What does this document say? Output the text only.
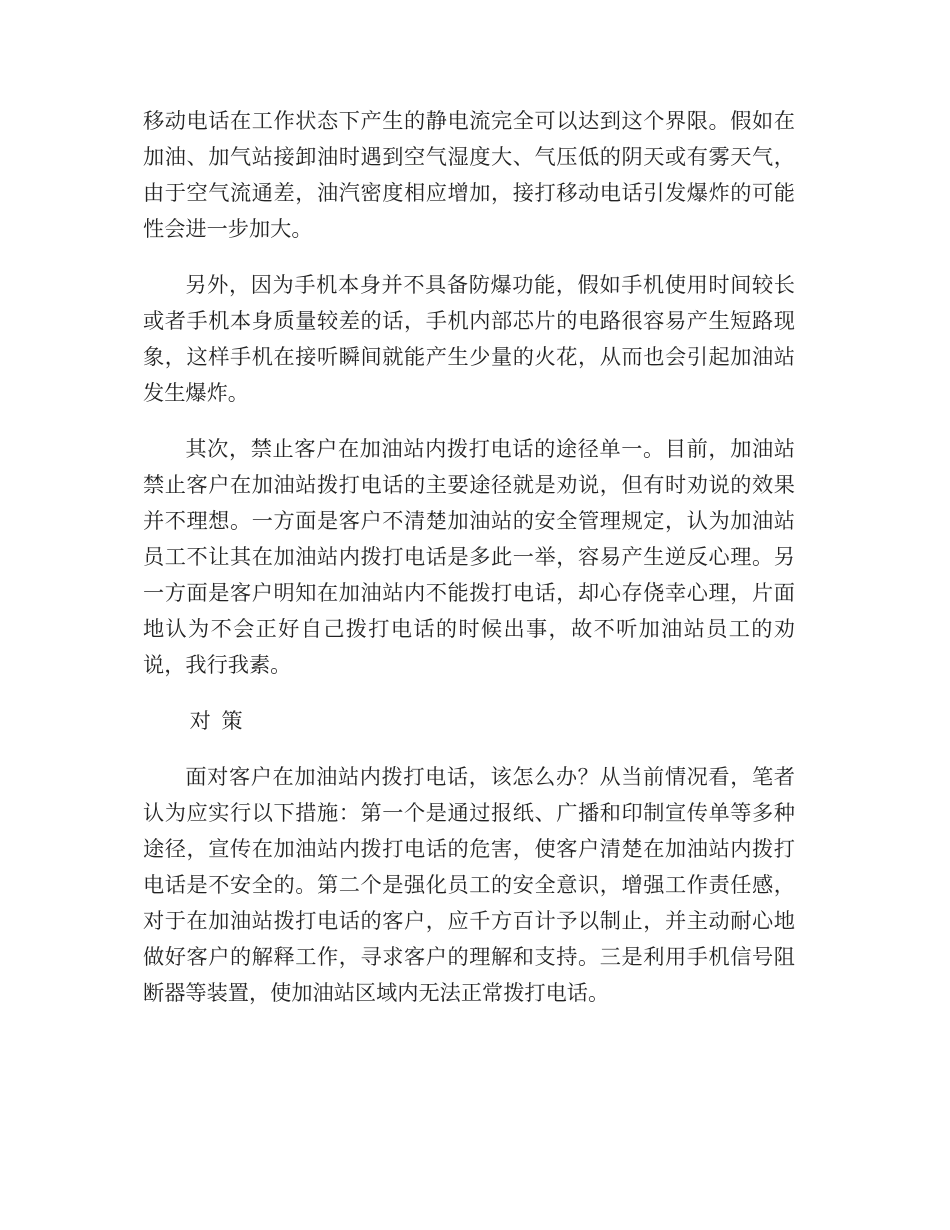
移动电话在工作状态下产生的静电流完全可以达到这个界限。假如在加油、加气站接卸油时遇到空气湿度大、气压低的阴天或有雾天气，由于空气流通差，油汽密度相应增加，接打移动电话引发爆炸的可能性会进一步加大。

另外，因为手机本身并不具备防爆功能，假如手机使用时间较长或者手机本身质量较差的话，手机内部芯片的电路很容易产生短路现象，这样手机在接听瞬间就能产生少量的火花，从而也会引起加油站发生爆炸。

其次，禁止客户在加油站内拨打电话的途径单一。目前，加油站禁止客户在加油站拨打电话的主要途径就是劝说，但有时劝说的效果并不理想。一方面是客户不清楚加油站的安全管理规定，认为加油站员工不让其在加油站内拨打电话是多此一举，容易产生逆反心理。另一方面是客户明知在加油站内不能拨打电话，却心存侥幸心理，片面地认为不会正好自己拨打电话的时候出事，故不听加油站员工的劝说，我行我素。

对策

面对客户在加油站内拨打电话，该怎么办？从当前情况看，笔者认为应实行以下措施：第一个是通过报纸、广播和印制宣传单等多种途径，宣传在加油站内拨打电话的危害，使客户清楚在加油站内拨打电话是不安全的。第二个是强化员工的安全意识，增强工作责任感，对于在加油站拨打电话的客户，应千方百计予以制止，并主动耐心地做好客户的解释工作，寻求客户的理解和支持。三是利用手机信号阻断器等装置，使加油站区域内无法正常拨打电话。
